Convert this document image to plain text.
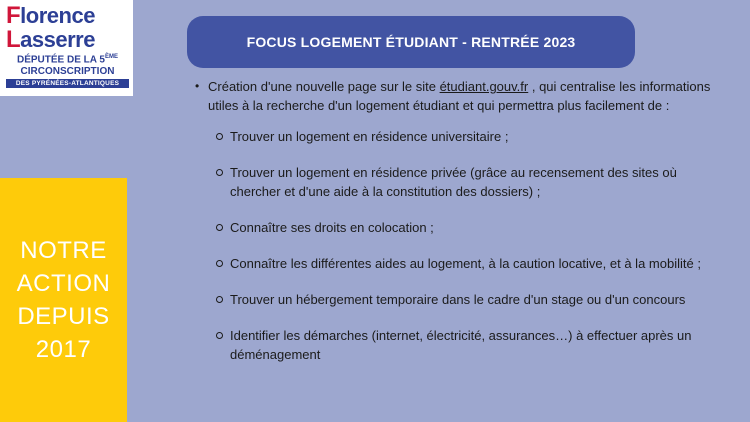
Florence
Lasserre
DÉPUTÉE DE LA 5ÈME
CIRCONSCRIPTION
DES PYRÉNÉES-ATLANTIQUES
NOTRE
ACTION
DEPUIS
2017
FOCUS LOGEMENT ÉTUDIANT - RENTRÉE 2023
• Création d'une nouvelle page sur le site étudiant.gouv.fr , qui centralise les informations utiles à la recherche d'un logement étudiant et qui permettra plus facilement de :
Trouver un logement en résidence universitaire ;
Trouver un logement en résidence privée (grâce au recensement des sites où chercher et d'une aide à la constitution des dossiers) ;
Connaître ses droits en colocation ;
Connaître les différentes aides au logement, à la caution locative, et à la mobilité ;
Trouver un hébergement temporaire dans le cadre d'un stage ou d'un concours
Identifier les démarches (internet, électricité, assurances…) à effectuer après un déménagement
